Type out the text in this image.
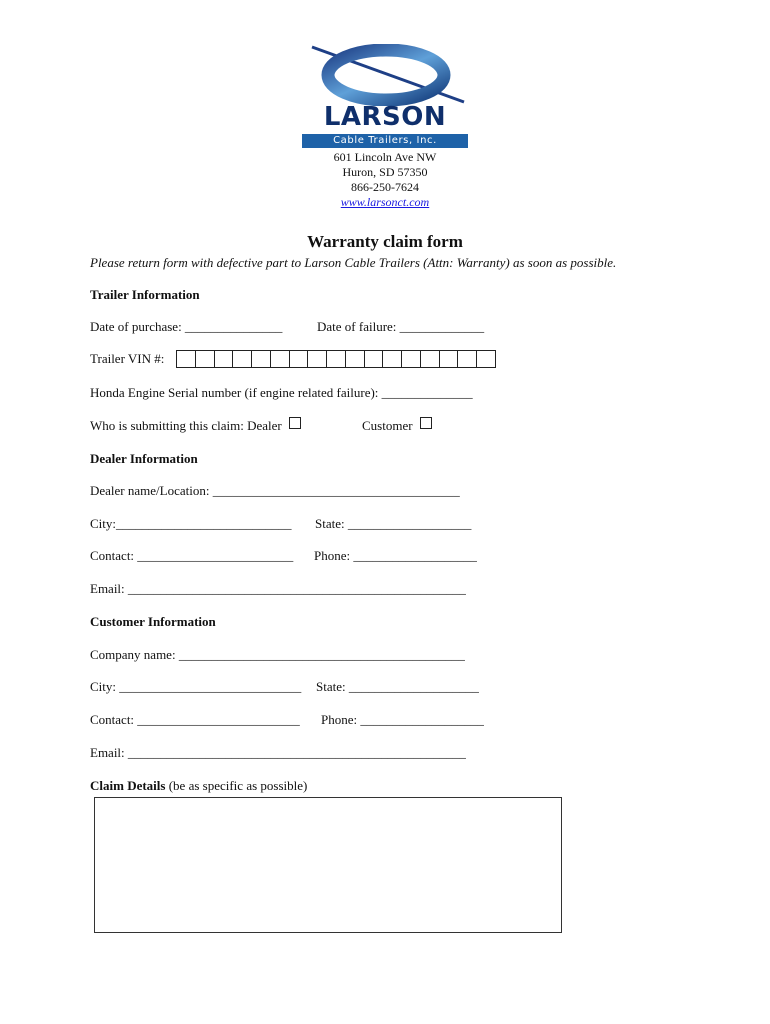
LARSON
Cable Trailers, Inc.
601 Lincoln Ave NW
Huron, SD 57350
866-250-7624
www.larsonct.com
Warranty claim form
Please return form with defective part to Larson Cable Trailers (Attn: Warranty) as soon as possible.
Trailer Information
Date of purchase: _______________	Date of failure: _____________
Trailer VIN #:
Honda Engine Serial number (if engine related failure): ______________
Who is submitting this claim: Dealer	Customer
Dealer Information
Dealer name/Location: ______________________________________
City:___________________________ State: ___________________
Contact: ________________________ Phone: ___________________
Email: ____________________________________________________
Customer Information
Company name: ____________________________________________
City: ____________________________ State: ____________________
Contact: _________________________ Phone: ___________________
Email: ____________________________________________________
Claim Details (be as specific as possible)
